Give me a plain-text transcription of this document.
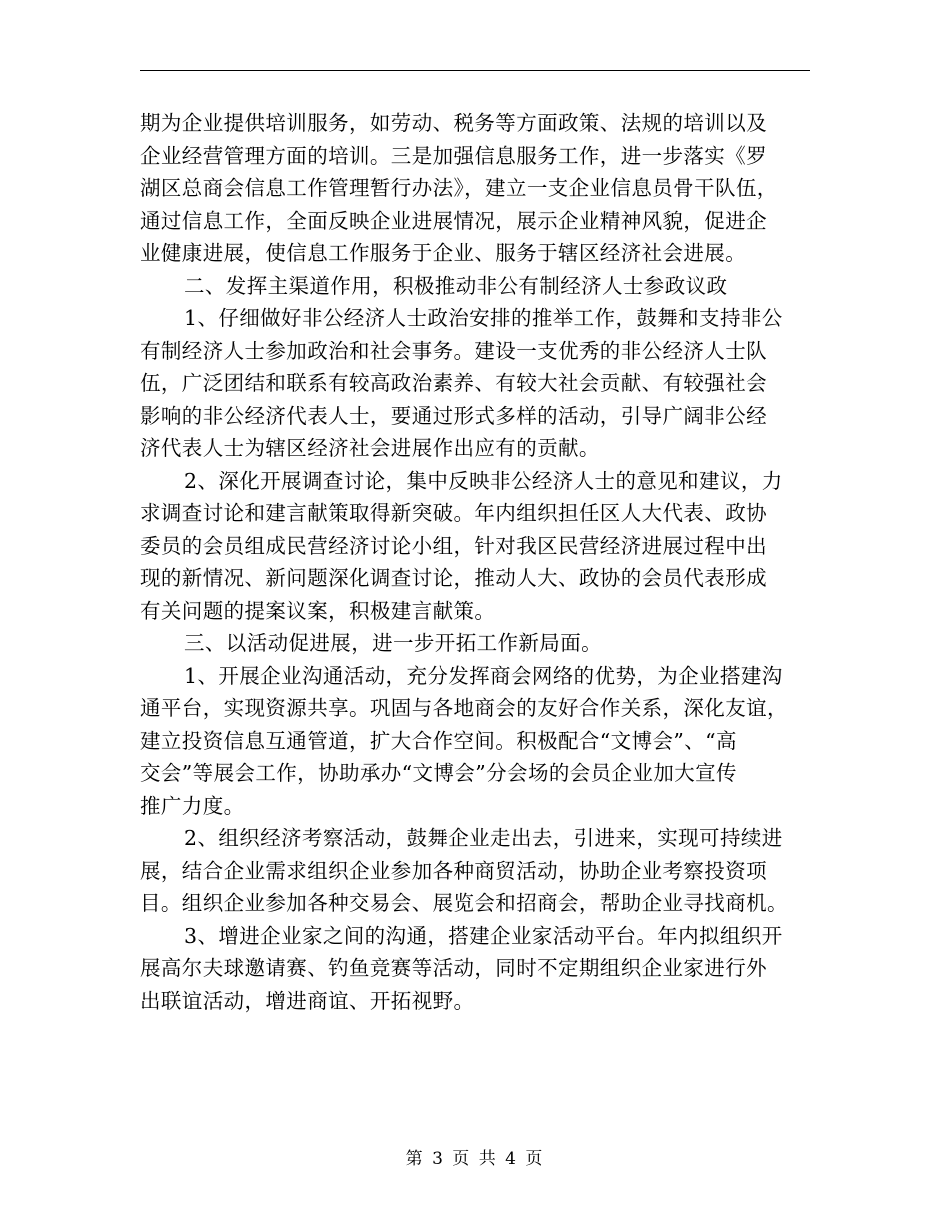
期为企业提供培训服务，如劳动、税务等方面政策、法规的培训以及
企业经营管理方面的培训。三是加强信息服务工作，进一步落实《罗
湖区总商会信息工作管理暂行办法》，建立一支企业信息员骨干队伍，
通过信息工作，全面反映企业进展情况，展示企业精神风貌，促进企
业健康进展，使信息工作服务于企业、服务于辖区经济社会进展。
二、发挥主渠道作用，积极推动非公有制经济人士参政议政
1、仔细做好非公经济人士政治安排的推举工作，鼓舞和支持非公
有制经济人士参加政治和社会事务。建设一支优秀的非公经济人士队
伍，广泛团结和联系有较高政治素养、有较大社会贡献、有较强社会
影响的非公经济代表人士，要通过形式多样的活动，引导广阔非公经
济代表人士为辖区经济社会进展作出应有的贡献。
2、深化开展调查讨论，集中反映非公经济人士的意见和建议，力
求调查讨论和建言献策取得新突破。年内组织担任区人大代表、政协
委员的会员组成民营经济讨论小组，针对我区民营经济进展过程中出
现的新情况、新问题深化调查讨论，推动人大、政协的会员代表形成
有关问题的提案议案，积极建言献策。
三、以活动促进展，进一步开拓工作新局面。
1、开展企业沟通活动，充分发挥商会网络的优势，为企业搭建沟
通平台，实现资源共享。巩固与各地商会的友好合作关系，深化友谊，
建立投资信息互通管道，扩大合作空间。积极配合“文博会”、“高
交会”等展会工作，协助承办“文博会”分会场的会员企业加大宣传
推广力度。
2、组织经济考察活动，鼓舞企业走出去，引进来，实现可持续进
展，结合企业需求组织企业参加各种商贸活动，协助企业考察投资项
目。组织企业参加各种交易会、展览会和招商会，帮助企业寻找商机。
3、增进企业家之间的沟通，搭建企业家活动平台。年内拟组织开
展高尔夫球邀请赛、钓鱼竞赛等活动，同时不定期组织企业家进行外
出联谊活动，增进商谊、开拓视野。
第 3 页 共 4 页
